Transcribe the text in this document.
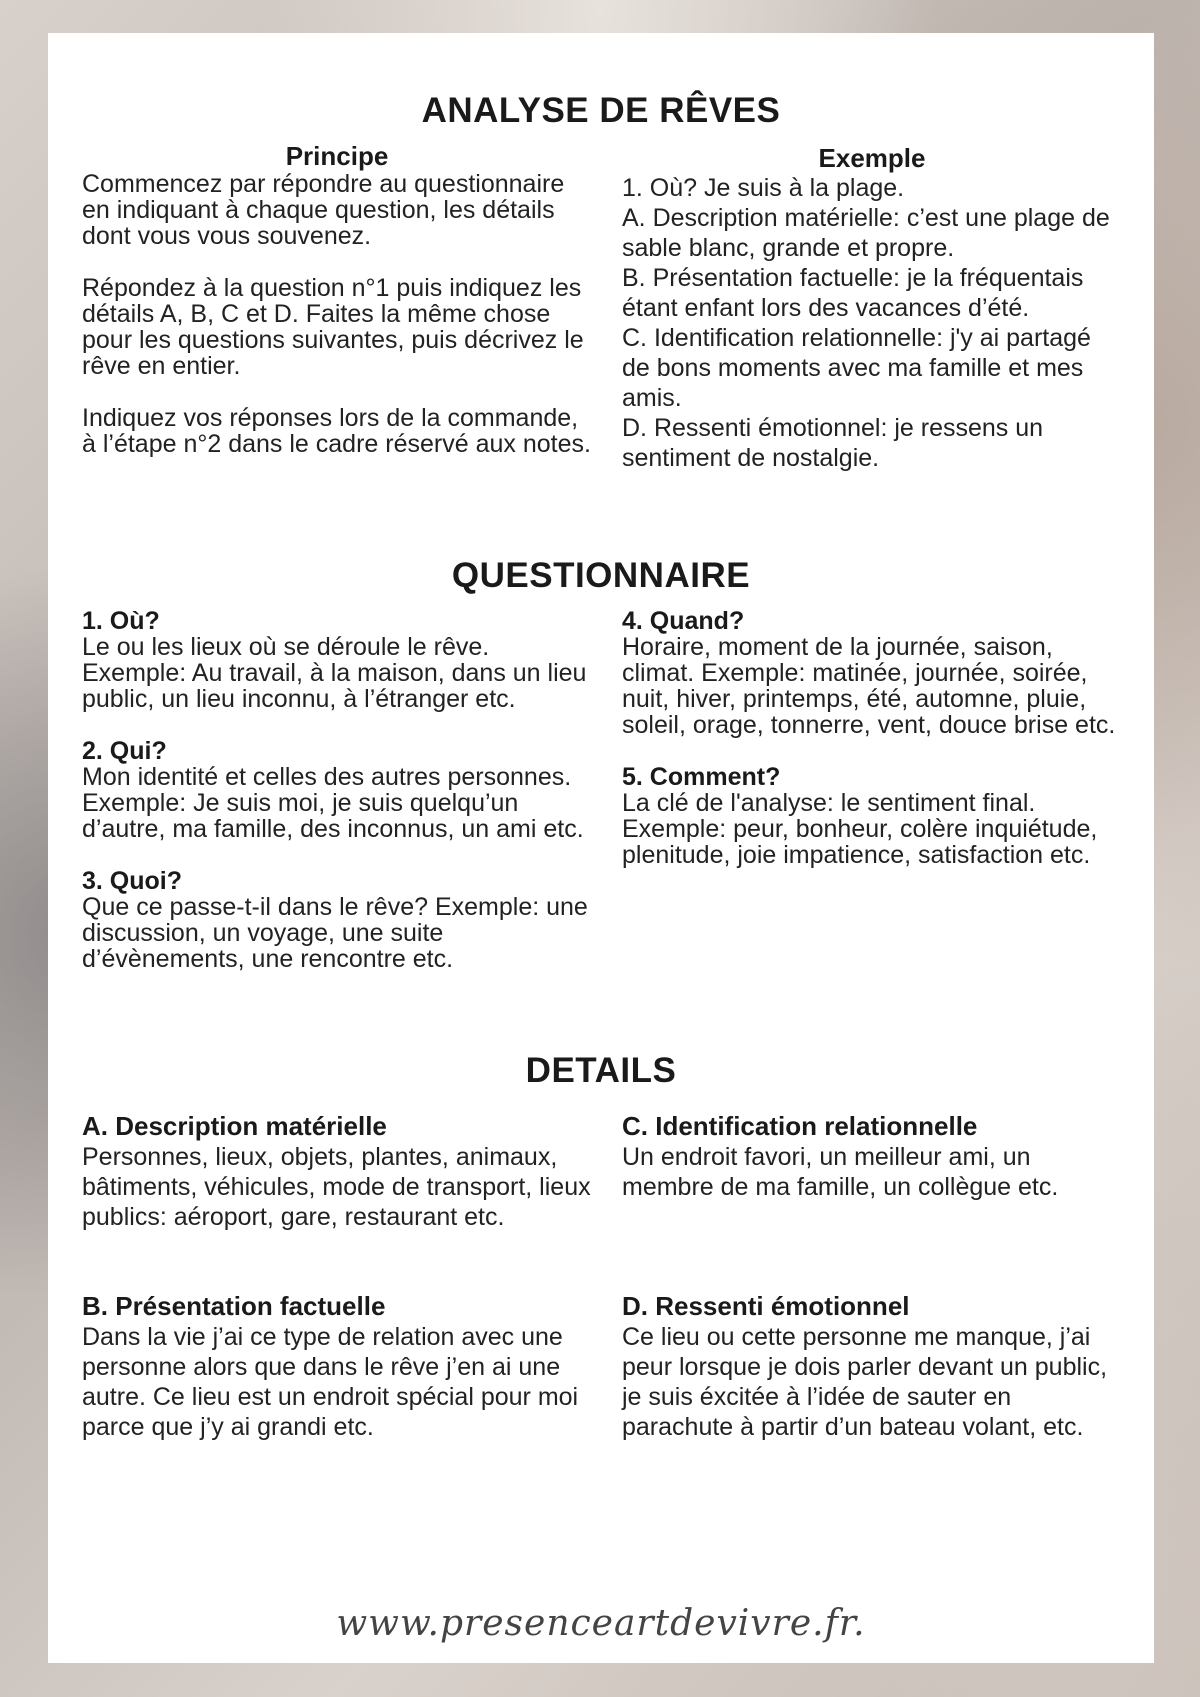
ANALYSE DE RÊVES
Principe
Commencez par répondre au questionnaire en indiquant à chaque question, les détails dont vous vous souvenez.
Répondez à la question n°1 puis indiquez les détails A, B, C et D. Faites la même chose pour les questions suivantes, puis décrivez le rêve en entier.
Indiquez vos réponses lors de la commande, à l’étape n°2 dans le cadre réservé aux notes.
Exemple
1. Où? Je suis à la plage.
A. Description matérielle: c’est une plage de sable blanc, grande et propre.
B. Présentation factuelle: je la fréquentais étant enfant lors des vacances d’été.
C. Identification relationnelle: j'y ai partagé de bons moments avec ma famille et mes amis.
D. Ressenti émotionnel: je ressens un sentiment de nostalgie.
QUESTIONNAIRE
1. Où?
Le ou les lieux où se déroule le rêve. Exemple: Au travail, à la maison, dans un lieu public, un lieu inconnu, à l’étranger etc.
2. Qui?
Mon identité et celles des autres personnes. Exemple: Je suis moi, je suis quelqu’un d’autre, ma famille, des inconnus, un ami etc.
3. Quoi?
Que ce passe-t-il dans le rêve? Exemple: une discussion, un voyage, une suite d’évènements, une rencontre etc.
4. Quand?
Horaire, moment de la journée, saison, climat. Exemple: matinée, journée, soirée, nuit, hiver, printemps, été, automne, pluie, soleil, orage, tonnerre, vent, douce brise etc.
5. Comment?
La clé de l'analyse: le sentiment final. Exemple: peur, bonheur, colère inquiétude, plenitude, joie impatience, satisfaction etc.
DETAILS
A. Description matérielle
Personnes, lieux, objets, plantes, animaux, bâtiments, véhicules, mode de transport, lieux publics: aéroport, gare, restaurant etc.
B. Présentation factuelle
Dans la vie j’ai ce type de relation avec une personne alors que dans le rêve j’en ai une autre. Ce lieu est un endroit spécial pour moi parce que j’y ai grandi etc.
C. Identification relationnelle
Un endroit favori, un meilleur ami, un membre de ma famille, un collègue etc.
D. Ressenti émotionnel
Ce lieu ou cette personne me manque, j’ai peur lorsque je dois parler devant un public, je suis éxcitée à l’idée de sauter en parachute à partir d’un bateau volant, etc.
www.presenceartdevivre.fr.
